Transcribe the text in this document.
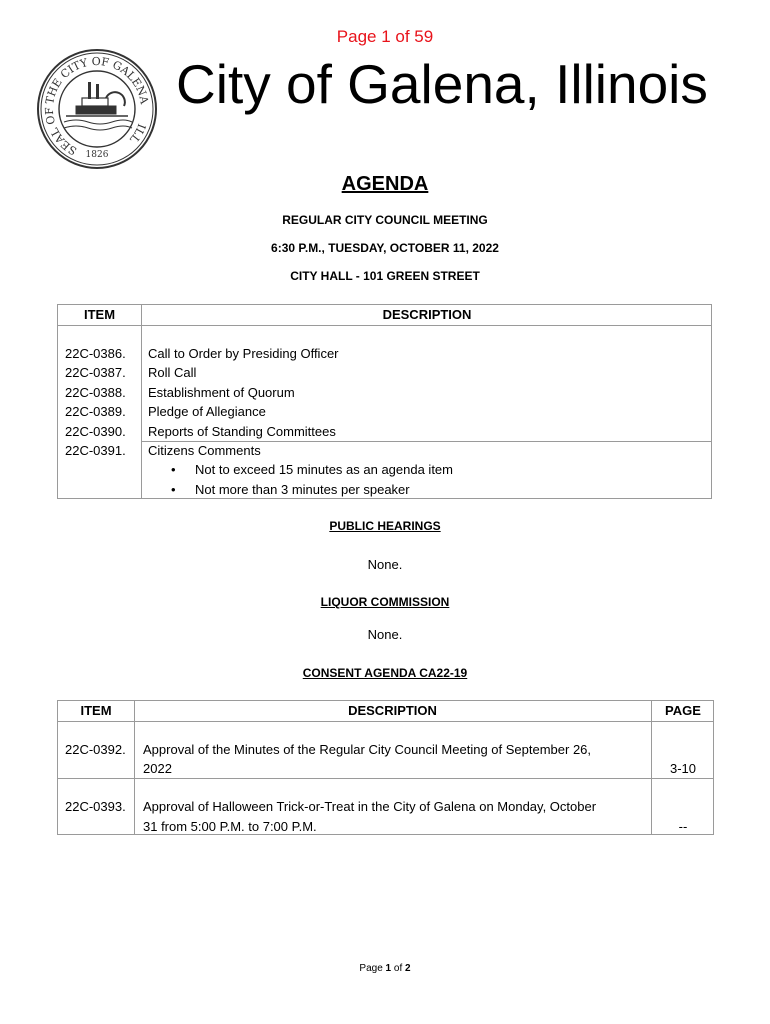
Page 1 of 59
THE CITY OF GALENA
SEAL OF
ILL
1826
City of Galena, Illinois
AGENDA
REGULAR CITY COUNCIL MEETING
6:30 P.M., TUESDAY, OCTOBER 11, 2022
CITY HALL - 101 GREEN STREET
ITEM	DESCRIPTION
22C-0386. Call to Order by Presiding Officer
22C-0387. Roll Call
22C-0388. Establishment of Quorum
22C-0389. Pledge of Allegiance
22C-0390. Reports of Standing Committees
22C-0391. Citizens Comments
• Not to exceed 15 minutes as an agenda item
• Not more than 3 minutes per speaker
PUBLIC HEARINGS
None.
LIQUOR COMMISSION
None.
CONSENT AGENDA CA22-19
ITEM	DESCRIPTION	PAGE
22C-0392. Approval of the Minutes of the Regular City Council Meeting of September 26,
2022	3-10
22C-0393. Approval of Halloween Trick-or-Treat in the City of Galena on Monday, October
31 from 5:00 P.M. to 7:00 P.M.	--
Page 1 of 2
